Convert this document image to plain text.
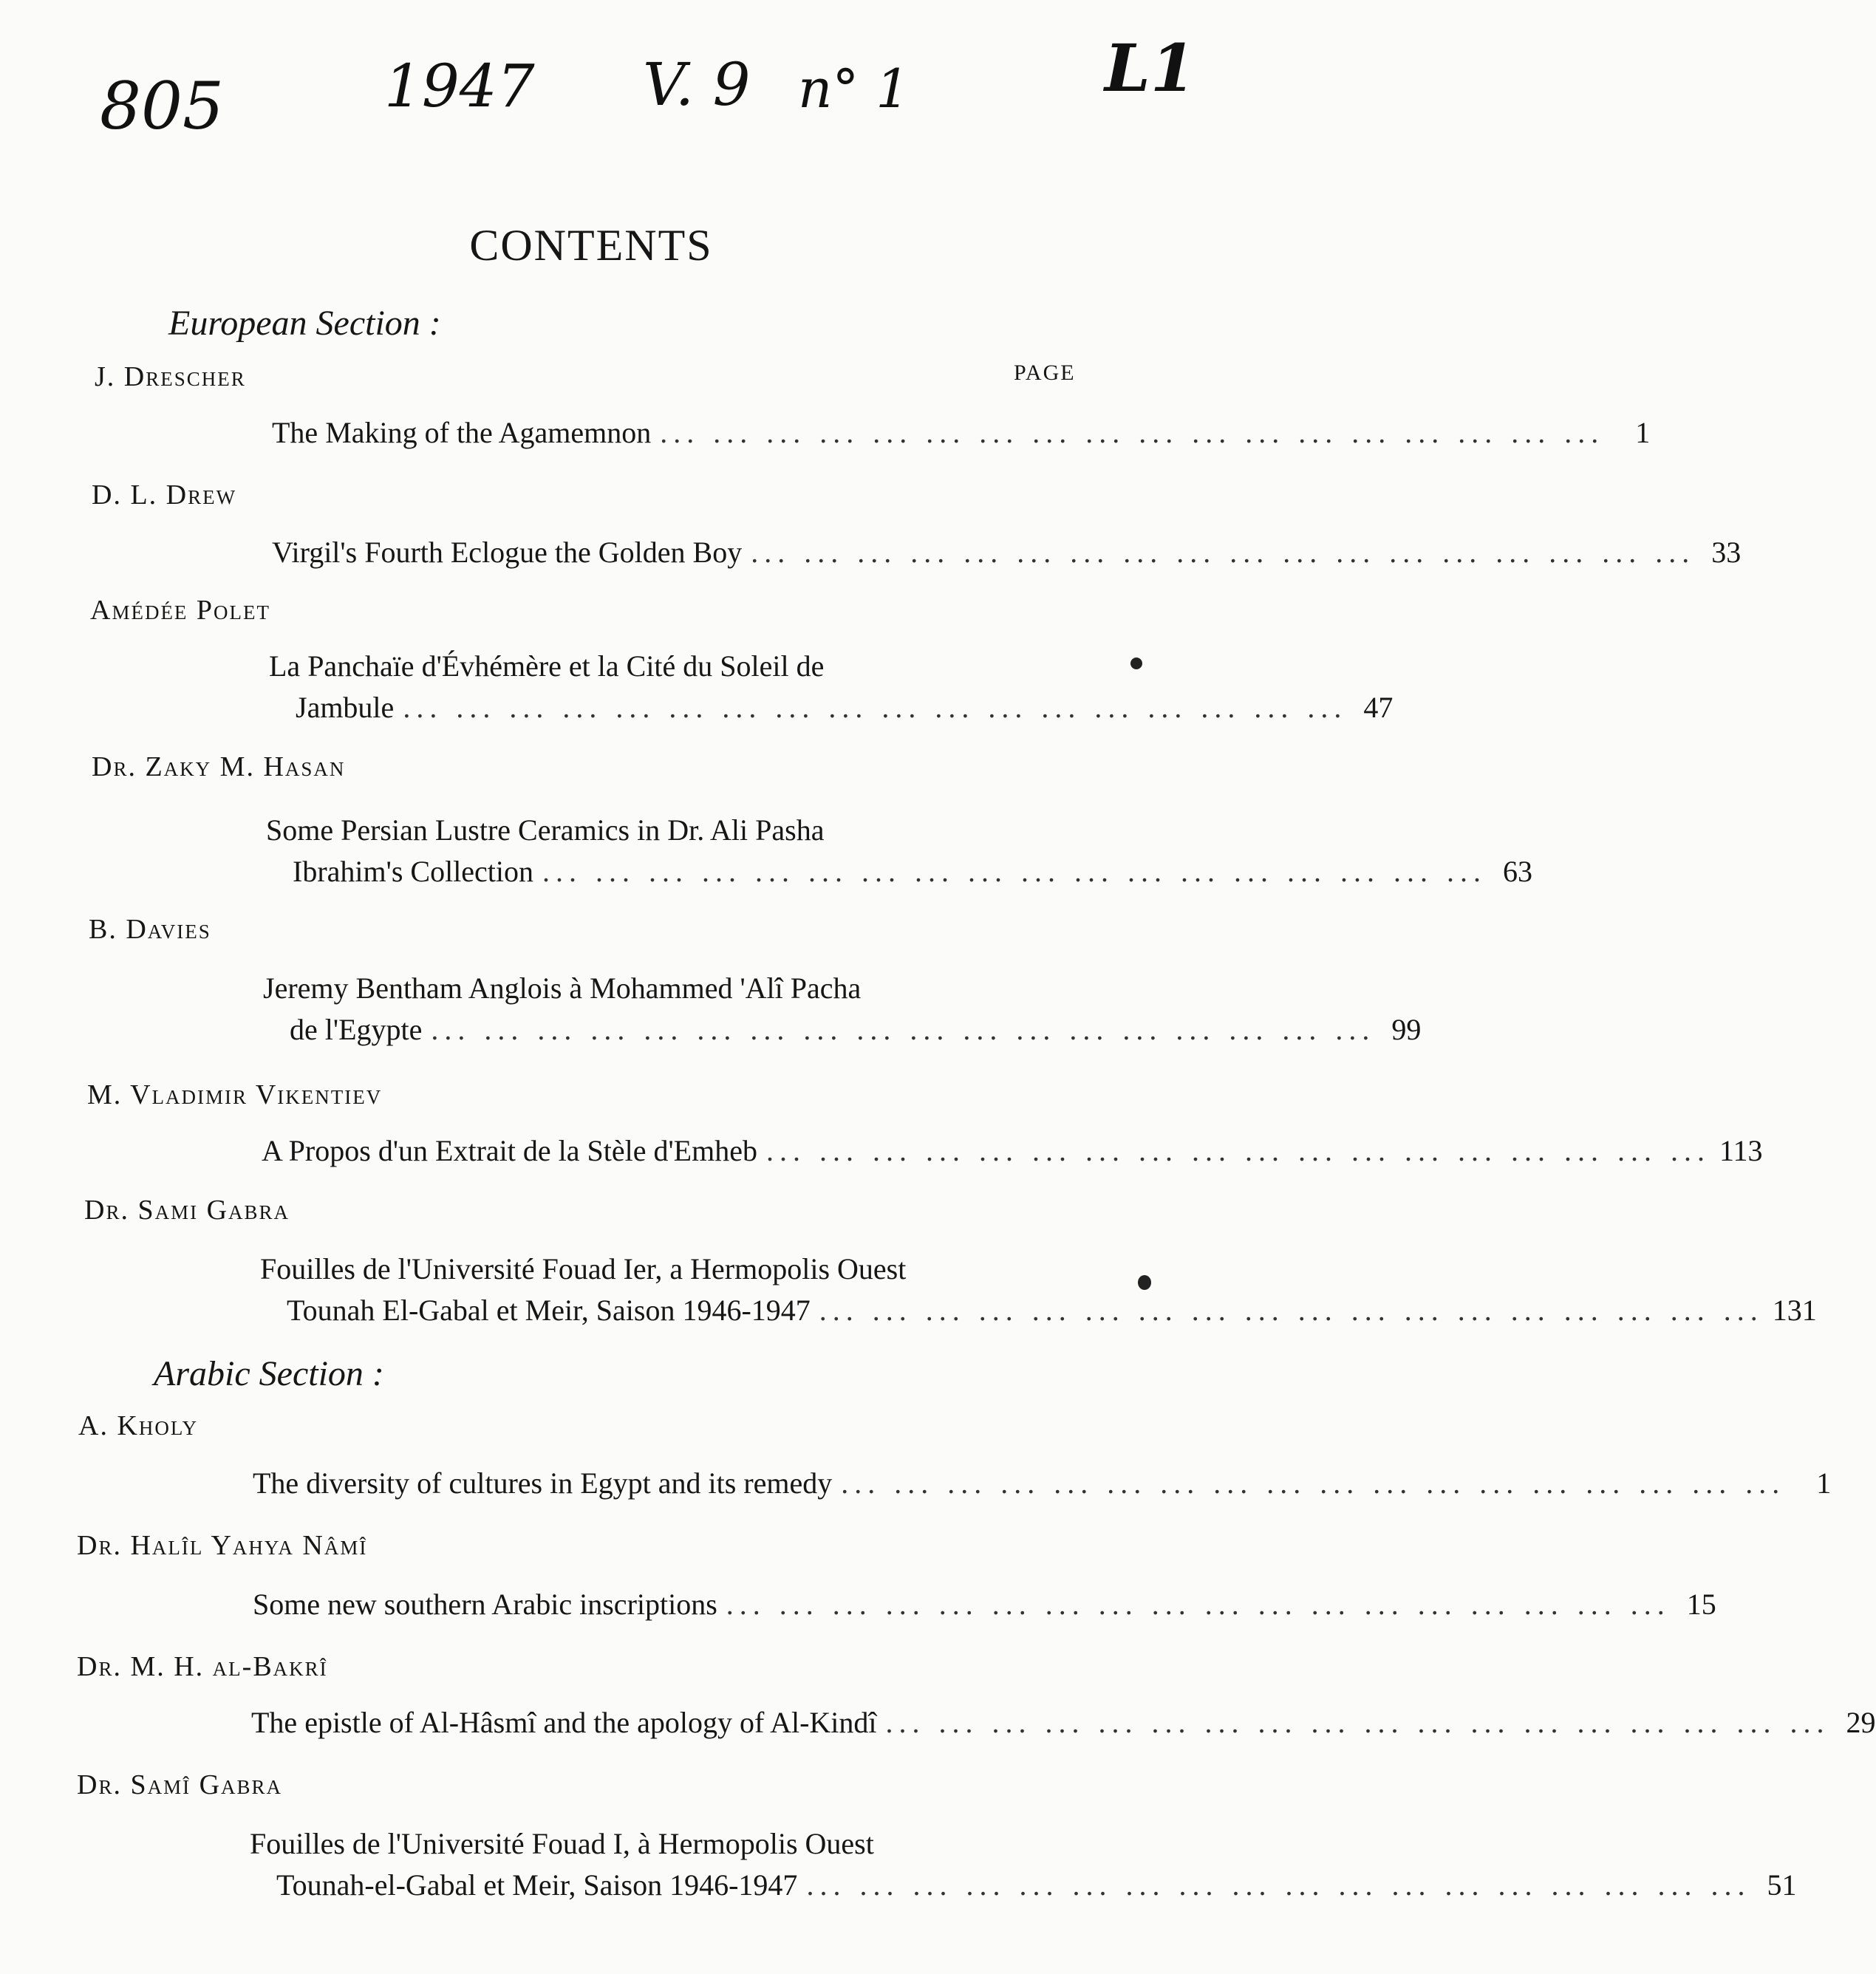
805	1947 V. 9 n° 1	L1
CONTENTS
European Section :
PAGE
J. Drescher
The Making of the Agamemnon ... ... ... ... ... ... ... ... ... ... ... ... ... ... ... ... ... ...	1
D. L. Drew
Virgil's Fourth Eclogue the Golden Boy ... ... ... ... ... ... ... ... ... ... ... ... ... ... ... ... ... ... 33
Amédée Polet
La Panchaïe d'Évhémère et la Cité du Soleil de
Jambule ... ... ... ... ... ... ... ... ... ... ... ... ... ... ... ... ... ... 47
Dr. Zaky M. Hasan
Some Persian Lustre Ceramics in Dr. Ali Pasha
Ibrahim's Collection ... ... ... ... ... ... ... ... ... ... ... ... ... ... ... ... ... ... 63
B. Davies
Jeremy Bentham Anglois à Mohammed 'Alî Pacha
de l'Egypte ... ... ... ... ... ... ... ... ... ... ... ... ... ... ... ... ... ... 99
M. Vladimir Vikentiev
A Propos d'un Extrait de la Stèle d'Emheb ... ... ... ... ... ... ... ... ... ... ... ... ... ... ... ... ... ... 113
Dr. Sami Gabra
Fouilles de l'Université Fouad Ier, a Hermopolis Ouest
Tounah El-Gabal et Meir, Saison 1946-1947 ... ... ... ... ... ... ... ... ... ... ... ... ... ... ... ... ... ... 131
Arabic Section :
A. Kholy
The diversity of cultures in Egypt and its remedy ... ... ... ... ... ... ... ... ... ... ... ... ... ... ... ... ... ...	1
Dr. Halîl Yahya Nâmî
Some new southern Arabic inscriptions ... ... ... ... ... ... ... ... ... ... ... ... ... ... ... ... ... ... 15
Dr. M. H. al-Bakrî
The epistle of Al-Hâsmî and the apology of Al-Kindî ... ... ... ... ... ... ... ... ... ... ... ... ... ... ... ... ... ... 29
Dr. Samî Gabra
Fouilles de l'Université Fouad I, à Hermopolis Ouest
Tounah-el-Gabal et Meir, Saison 1946-1947 ... ... ... ... ... ... ... ... ... ... ... ... ... ... ... ... ... ... 51
